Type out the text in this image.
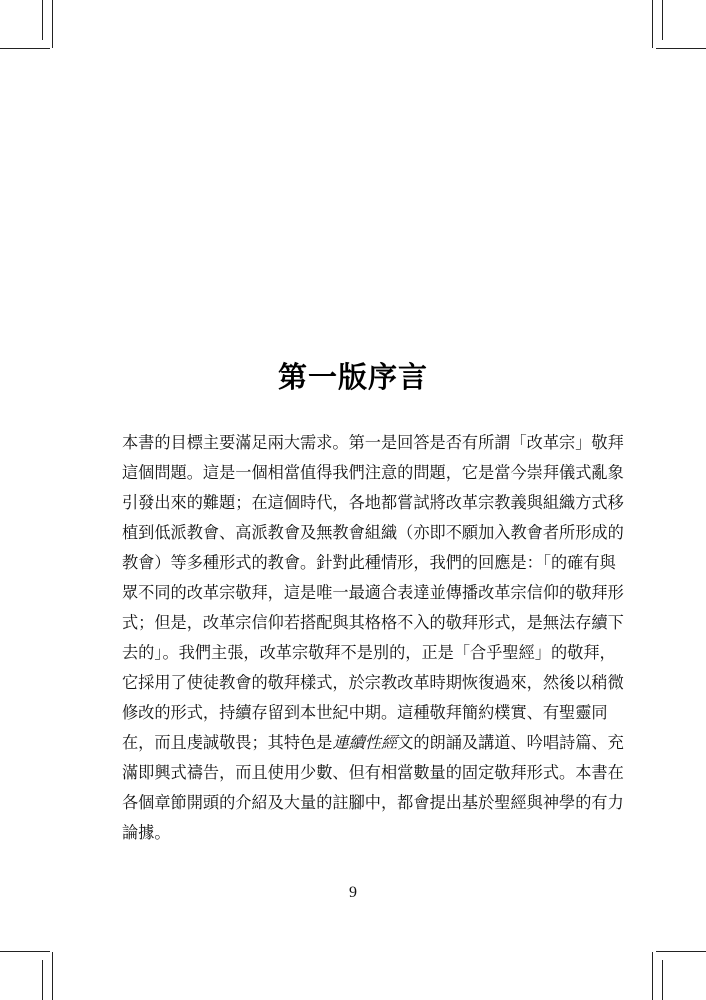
第一版序言
本書的目標主要滿足兩大需求。第一是回答是否有所謂「改革宗」敬拜
這個問題。這是一個相當值得我們注意的問題，它是當今崇拜儀式亂象
引發出來的難題；在這個時代，各地都嘗試將改革宗教義與組織方式移
植到低派教會、高派教會及無教會組織（亦即不願加入教會者所形成的
教會）等多種形式的教會。針對此種情形，我們的回應是：「的確有與
眾不同的改革宗敬拜，這是唯一最適合表達並傳播改革宗信仰的敬拜形
式；但是，改革宗信仰若搭配與其格格不入的敬拜形式，是無法存續下
去的」。我們主張，改革宗敬拜不是別的，正是「合乎聖經」的敬拜，
它採用了使徒教會的敬拜樣式，於宗教改革時期恢復過來，然後以稍微
修改的形式，持續存留到本世紀中期。這種敬拜簡約樸實、有聖靈同
在，而且虔誠敬畏；其特色是連續性經文的朗誦及講道、吟唱詩篇、充
滿即興式禱告，而且使用少數、但有相當數量的固定敬拜形式。本書在
各個章節開頭的介紹及大量的註腳中，都會提出基於聖經與神學的有力
論據。
9
